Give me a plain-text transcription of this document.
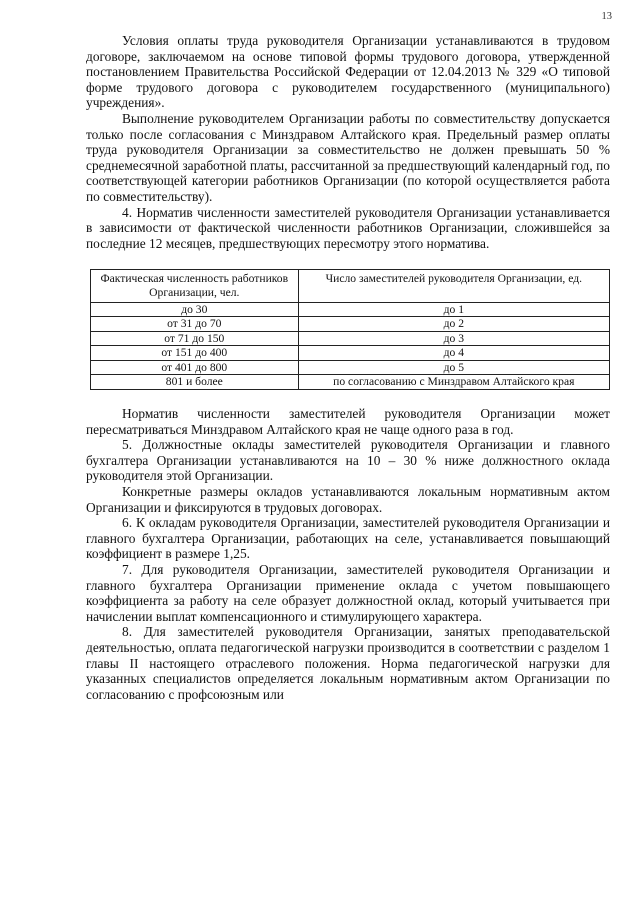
13

Условия оплаты труда руководителя Организации устанавливаются в трудовом договоре, заключаемом на основе типовой формы трудового договора, утвержденной постановлением Правительства Российской Федерации от 12.04.2013 № 329 «О типовой форме трудового договора с руководителем государственного (муниципального) учреждения».

Выполнение руководителем Организации работы по совместительству допускается только после согласования с Минздравом Алтайского края. Предельный размер оплаты труда руководителя Организации за совместительство не должен превышать 50 % среднемесячной заработной платы, рассчитанной за предшествующий календарный год, по соответствующей категории работников Организации (по которой осуществляется работа по совместительству).

4. Норматив численности заместителей руководителя Организации устанавливается в зависимости от фактической численности работников Организации, сложившейся за последние 12 месяцев, предшествующих пересмотру этого норматива.

Фактическая численность работников Организации, чел.	Число заместителей руководителя Организации, ед.
до 30	до 1
от 31 до 70	до 2
от 71 до 150	до 3
от 151 до 400	до 4
от 401 до 800	до 5
801 и более	по согласованию с Минздравом Алтайского края

Норматив численности заместителей руководителя Организации может пересматриваться Минздравом Алтайского края не чаще одного раза в год.

5. Должностные оклады заместителей руководителя Организации и главного бухгалтера Организации устанавливаются на 10 – 30 % ниже должностного оклада руководителя этой Организации.

Конкретные размеры окладов устанавливаются локальным нормативным актом Организации и фиксируются в трудовых договорах.

6. К окладам руководителя Организации, заместителей руководителя Организации и главного бухгалтера Организации, работающих на селе, устанавливается повышающий коэффициент в размере 1,25.

7. Для руководителя Организации, заместителей руководителя Организации и главного бухгалтера Организации применение оклада с учетом повышающего коэффициента за работу на селе образует должностной оклад, который учитывается при начислении выплат компенсационного и стимулирующего характера.

8. Для заместителей руководителя Организации, занятых преподавательской деятельностью, оплата педагогической нагрузки производится в соответствии с разделом 1 главы II настоящего отраслевого положения. Норма педагогической нагрузки для указанных специалистов определяется локальным нормативным актом Организации по согласованию с профсоюзным или
